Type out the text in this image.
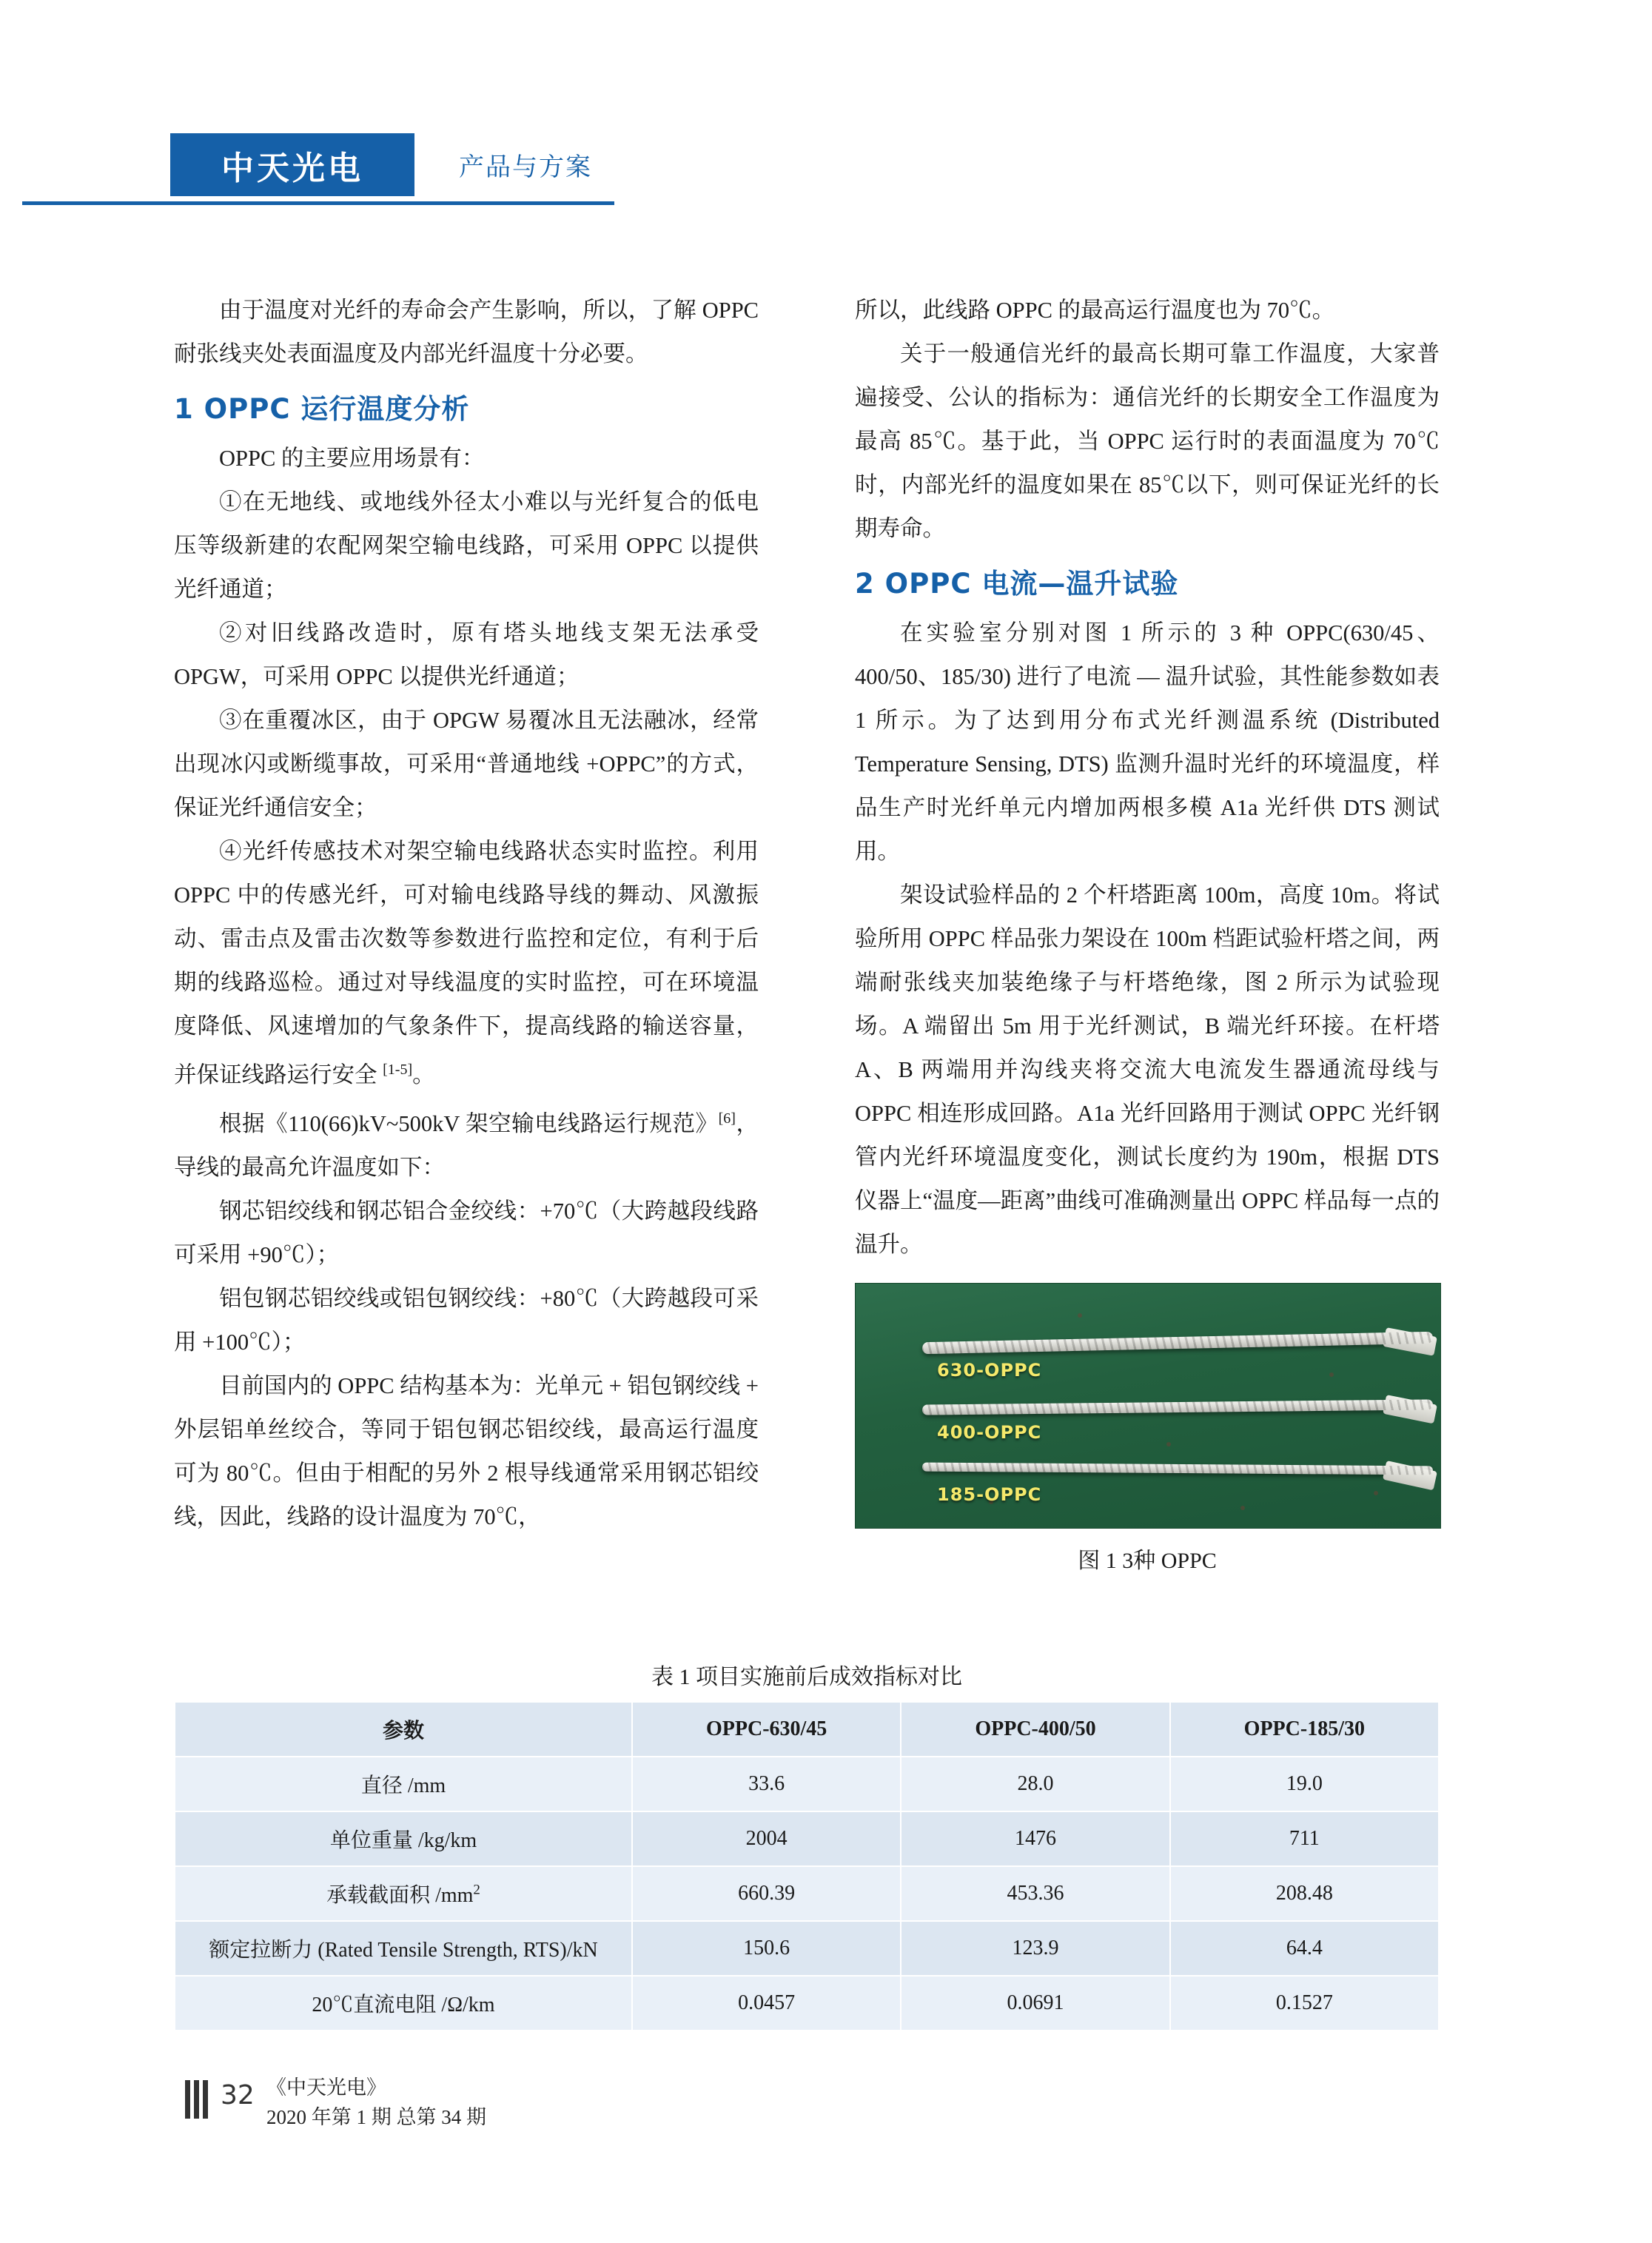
中天光电	产品与方案

由于温度对光纤的寿命会产生影响，所以，了解 OPPC 耐张线夹处表面温度及内部光纤温度十分必要。

1 OPPC 运行温度分析

OPPC 的主要应用场景有：

①在无地线、或地线外径太小难以与光纤复合的低电压等级新建的农配网架空输电线路，可采用 OPPC 以提供光纤通道；

②对旧线路改造时，原有塔头地线支架无法承受 OPGW，可采用 OPPC 以提供光纤通道；

③在重覆冰区，由于 OPGW 易覆冰且无法融冰，经常出现冰闪或断缆事故，可采用“普通地线 +OPPC”的方式，保证光纤通信安全；

④光纤传感技术对架空输电线路状态实时监控。利用 OPPC 中的传感光纤，可对输电线路导线的舞动、风激振动、雷击点及雷击次数等参数进行监控和定位，有利于后期的线路巡检。通过对导线温度的实时监控，可在环境温度降低、风速增加的气象条件下，提高线路的输送容量，并保证线路运行安全 [1-5]。

根据《110(66)kV~500kV 架空输电线路运行规范》[6]，导线的最高允许温度如下：

钢芯铝绞线和钢芯铝合金绞线：+70℃（大跨越段线路可采用 +90℃）；

铝包钢芯铝绞线或铝包钢绞线：+80℃（大跨越段可采用 +100℃）；

目前国内的 OPPC 结构基本为：光单元 + 铝包钢绞线 + 外层铝单丝绞合，等同于铝包钢芯铝绞线，最高运行温度可为 80℃。但由于相配的另外 2 根导线通常采用钢芯铝绞线，因此，线路的设计温度为 70℃，

所以，此线路 OPPC 的最高运行温度也为 70℃。

关于一般通信光纤的最高长期可靠工作温度，大家普遍接受、公认的指标为：通信光纤的长期安全工作温度为最高 85℃。基于此，当 OPPC 运行时的表面温度为 70℃时，内部光纤的温度如果在 85℃以下，则可保证光纤的长期寿命。

2 OPPC 电流—温升试验

在实验室分别对图 1 所示的 3 种 OPPC(630/45、400/50、185/30) 进行了电流 — 温升试验，其性能参数如表 1 所示。为了达到用分布式光纤测温系统 (Distributed Temperature Sensing, DTS) 监测升温时光纤的环境温度，样品生产时光纤单元内增加两根多模 A1a 光纤供 DTS 测试用。

架设试验样品的 2 个杆塔距离 100m，高度 10m。将试验所用 OPPC 样品张力架设在 100m 档距试验杆塔之间，两端耐张线夹加装绝缘子与杆塔绝缘，图 2 所示为试验现场。A 端留出 5m 用于光纤测试，B 端光纤环接。在杆塔 A、B 两端用并沟线夹将交流大电流发生器通流母线与 OPPC 相连形成回路。A1a 光纤回路用于测试 OPPC 光纤钢管内光纤环境温度变化，测试长度约为 190m，根据 DTS 仪器上“温度—距离”曲线可准确测量出 OPPC 样品每一点的温升。

630-OPPC
400-OPPC
185-OPPC
图 1 3种 OPPC
表 1 项目实施前后成效指标对比
参数	OPPC-630/45	OPPC-400/50	OPPC-185/30
直径 /mm	33.6	28.0	19.0
单位重量 /kg/km	2004	1476	711
承载截面积 $/mm^2$	660.39	453.36	208.48
额定拉断力 (Rated Tensile Strength, RTS)/kN	150.6	123.9	64.4
20℃直流电阻 /Ω/km	0.0457	0.0691	0.1527
32 《中天光电》
2020 年第 1 期 总第 34 期
